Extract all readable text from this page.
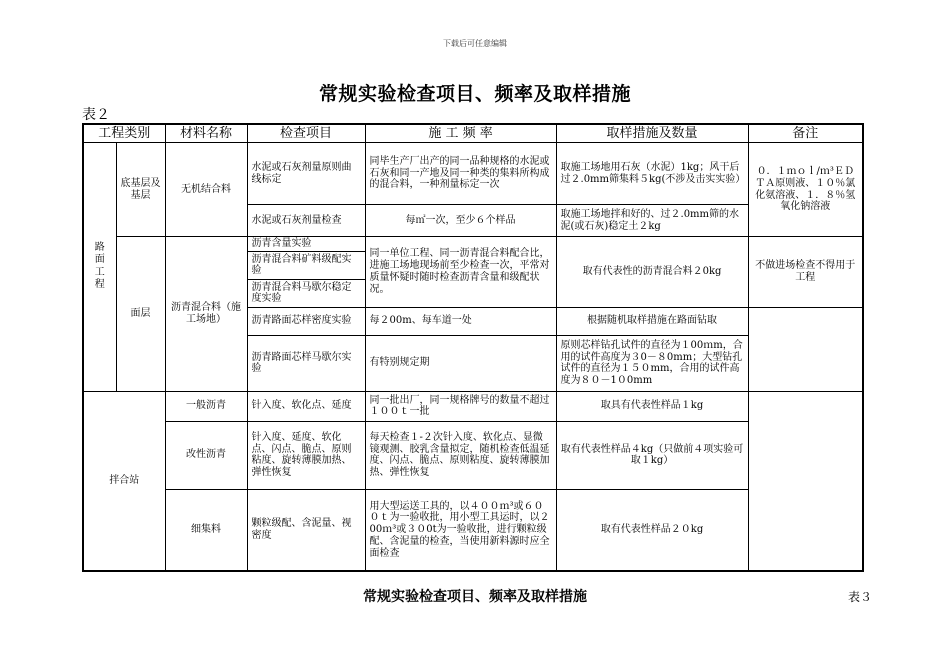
下载后可任意编辑
常规实验检查项目、频率及取样措施
表２
工程类别		材料名称	检查项目	施 工 频 率	取样措施及数量	备注
路面工程	底基层及基层	无机结合料	水泥或石灰剂量原则曲线标定	同毕生产厂出产的同一品种规格的水泥或石灰和同一产地及同一种类的集料所构成的混合料，一种剂量标定一次	取施工场地用石灰（水泥）1kg；风干后过２.0mm筛集料５kg(不涉及击实实验）	０．１ｍｏｌ/ｍ³ＥＤＴＡ原则液、１０％氯化氨溶液、１．８％氢氧化钠溶液
			水泥或石灰剂量检查	每㎡一次，至少６个样品	取施工场地拌和好的、过２.0mm筛的水泥(或石灰)稳定土２kg	
	面层	沥青混合料（施工场地）	沥青含量实验	同一单位工程、同一沥青混合料配合比，进施工场地现场前至少检查一次，平常对质量怀疑时随时检查沥青含量和级配状况。	取有代表性的沥青混合料２0kg	不做进场检查不得用于工程
			沥青混合料矿料级配实验			
			沥青混合料马歇尔稳定度实验			
			沥青路面芯样密度实验	每２00m、每车道一处	根据随机取样措施在路面钻取	
			沥青路面芯样马歇尔实验	有特别规定期	原则芯样钻孔试件的直径为１00ｍm，合用的试件高度为３0－８0mm；大型钻孔试件的直径为１５０mm，合用的试件高度为８０－1０0mm	
拌合站		一般沥青	针入度、软化点、延度	同一批出厂，同一规格牌号的数量不超过１００ｔ一批	取具有代表性样品１kg	
		改性沥青	针入度、延度、软化点、闪点、脆点、原则粘度、旋转薄膜加热、弹性恢复	每天检查１-２次针入度、软化点、显微镜观测、胶乳含量拟定，随机检查低温延度、闪点、脆点、原则粘度、旋转薄膜加热、弹性恢复	取有代表性样品４kg（只做前４项实验可取１kg）	
		细集料	颗粒级配、含泥量、视密度	用大型运送工具的，以４００ｍ³或６００ｔ为一验收批，用小型工具运时，以２00ｍ³或３０0t为一验收批，进行颗粒级配、含泥量的检查，当使用新料源时应全面检查	取有代表性样品２０kg	
常规实验检查项目、频率及取样措施	表３
